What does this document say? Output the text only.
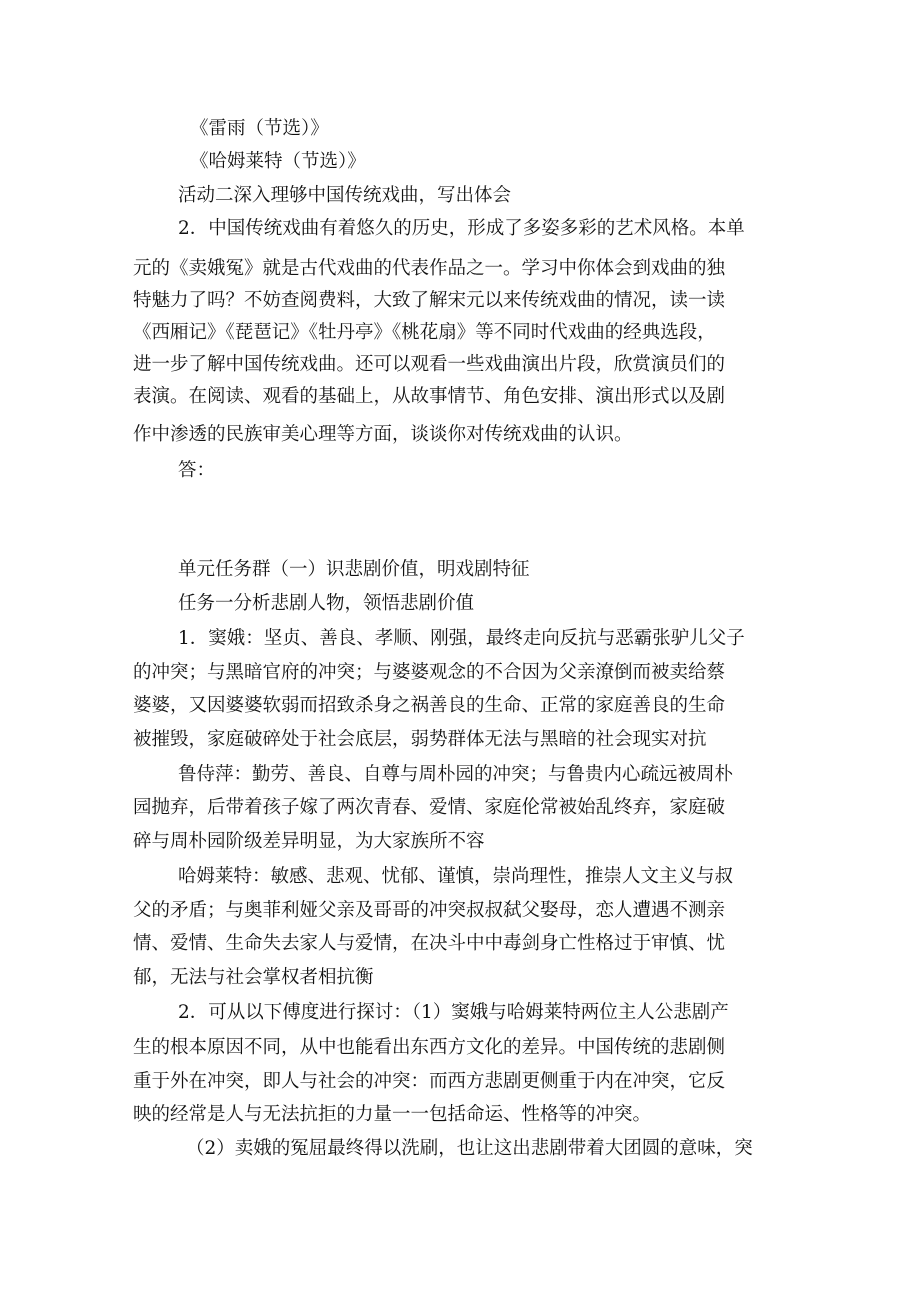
《雷雨（节选）》
《哈姆莱特（节选）》
活动二深入理够中国传统戏曲，写出体会
2．中国传统戏曲有着悠久的历史，形成了多姿多彩的艺术风格。本单
元的《卖娥冤》就是古代戏曲的代表作品之一。学习中你体会到戏曲的独
特魅力了吗？不妨查阅费料，大致了解宋元以来传统戏曲的情况，读一读
《西厢记》《琵琶记》《牡丹亭》《桃花扇》等不同时代戏曲的经典选段，
进一步了解中国传统戏曲。还可以观看一些戏曲演出片段，欣赏演员们的
表演。在阅读、观看的基础上，从故事情节、角色安排、演出形式以及剧
作中渗透的民族审美心理等方面，谈谈你对传统戏曲的认识。
答：
单元任务群（一）识悲剧价值，明戏剧特征
任务一分析悲剧人物，领悟悲剧价值
1．窦娥：坚贞、善良、孝顺、刚强，最终走向反抗与恶霸张驴儿父子
的冲突；与黑暗官府的冲突；与婆婆观念的不合因为父亲潦倒而被卖给蔡
婆婆，又因婆婆软弱而招致杀身之祸善良的生命、正常的家庭善良的生命
被摧毁，家庭破碎处于社会底层，弱势群体无法与黑暗的社会现实对抗
鲁侍萍：勤劳、善良、自尊与周朴园的冲突；与鲁贵内心疏远被周朴
园抛弃，后带着孩子嫁了两次青春、爱情、家庭伦常被始乱终弃，家庭破
碎与周朴园阶级差异明显，为大家族所不容
哈姆莱特：敏感、悲观、忧郁、谨慎，崇尚理性，推崇人文主义与叔
父的矛盾；与奥菲利娅父亲及哥哥的冲突叔叔弑父娶母，恋人遭遇不测亲
情、爱情、生命失去家人与爱情，在决斗中中毒剑身亡性格过于审慎、忧
郁，无法与社会掌权者相抗衡
2．可从以下傅度进行探讨：（1）窦娥与哈姆莱特两位主人公悲剧产
生的根本原因不同，从中也能看出东西方文化的差异。中国传统的悲剧侧
重于外在冲突，即人与社会的冲突：而西方悲剧更侧重于内在冲突，它反
映的经常是人与无法抗拒的力量一一包括命运、性格等的冲突。
（2）卖娥的冤屈最终得以洗刷，也让这出悲剧带着大团圆的意味，突
